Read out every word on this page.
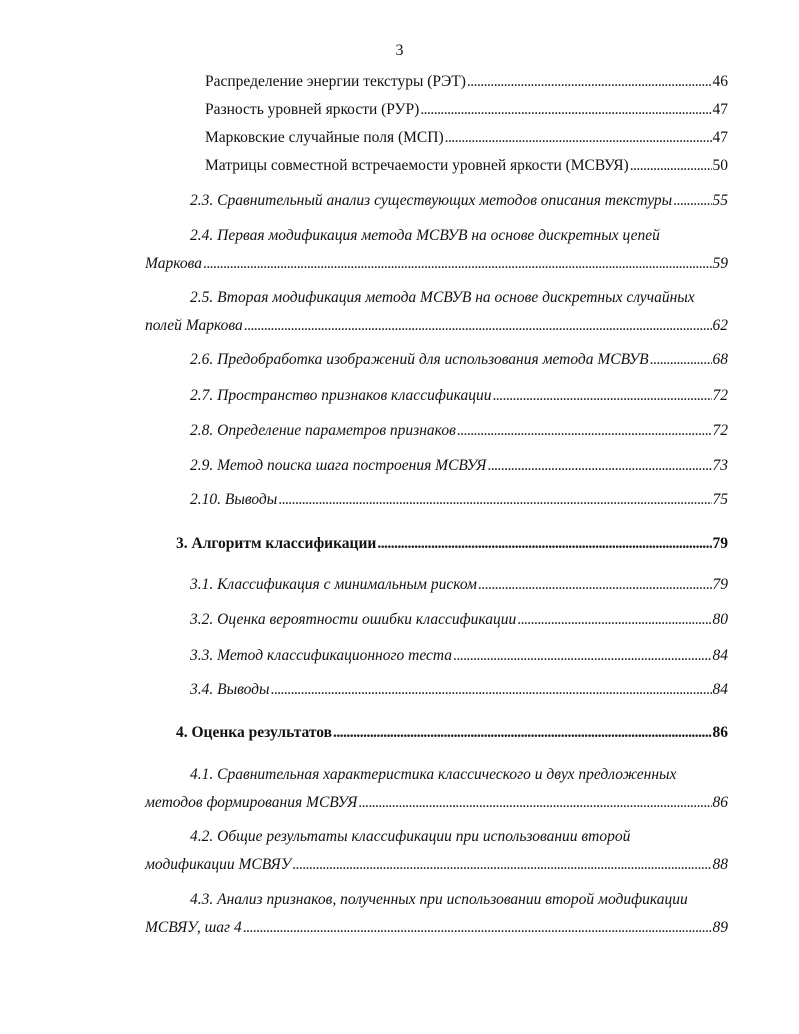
3
Распределение энергии текстуры (РЭТ) . . .	46
Разность уровней яркости (РУР) . . .	47
Марковские случайные поля (МСП) . . .	47
Матрицы совместной встречаемости уровней яркости (МСВУЯ) . . .	50
2.3. Сравнительный анализ существующих методов описания текстуры . . .	55
2.4. Первая модификация метода МСВУВ на основе дискретных цепей
Маркова . . .	59
2.5. Вторая модификация метода МСВУВ на основе дискретных случайных
полей Маркова . . .	62
2.6. Предобработка изображений для использования метода МСВУВ . . .	68
2.7. Пространство признаков классификации . . .	72
2.8. Определение параметров признаков . . .	72
2.9. Метод поиска шага построения МСВУЯ . . .	73
2.10. Выводы . . .	75
3. Алгоритм классификации . . .	79
3.1. Классификация с минимальным риском . . .	79
3.2. Оценка вероятности ошибки классификации . . .	80
3.3. Метод классификационного теста . . .	84
3.4. Выводы . . .	84
4. Оценка результатов . . .	86
4.1. Сравнительная характеристика классического и двух предложенных
методов формирования МСВУЯ . . .	86
4.2. Общие результаты классификации при использовании второй
модификации МСВЯУ . . .	88
4.3. Анализ признаков, полученных при использовании второй модификации
МСВЯУ, шаг 4 . . .	89
